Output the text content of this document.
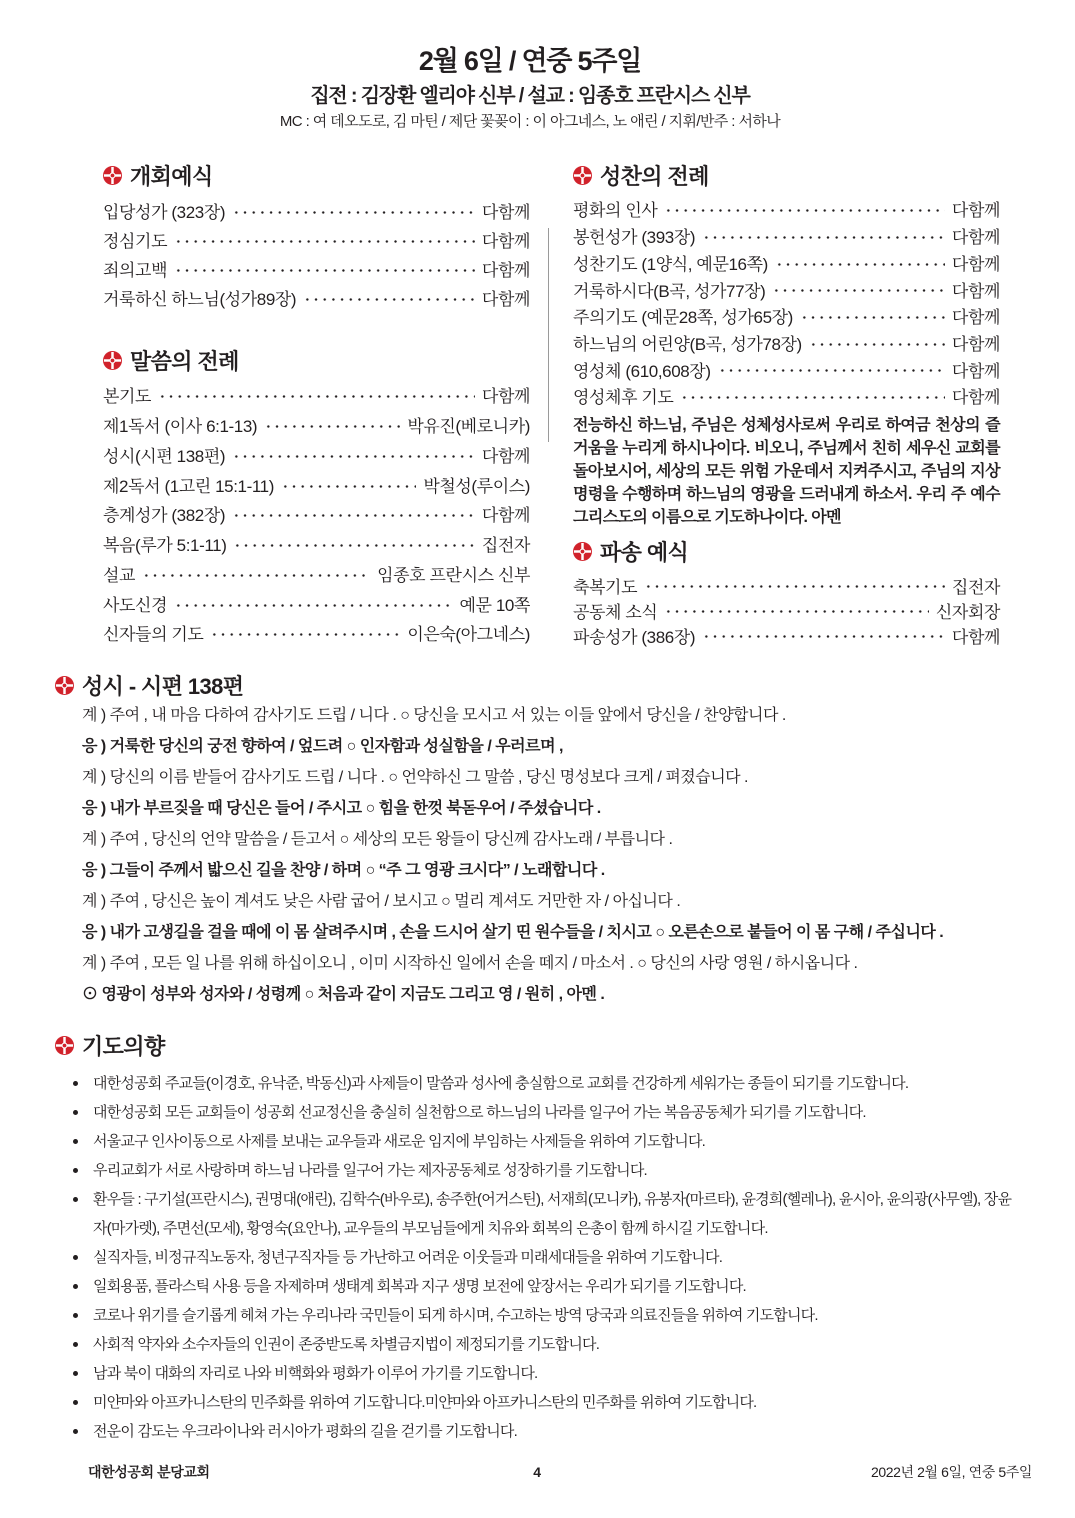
2월 6일 / 연중 5주일
집전 : 김장환 엘리야 신부 / 설교 : 임종호 프란시스 신부
MC : 여 데오도로, 김 마틴 / 제단 꽃꽂이 : 이 아그네스, 노 애린 / 지휘/반주 : 서하나
개회예식
입당성가 (323장)	다함께
정심기도	다함께
죄의고백	다함께
거룩하신 하느님(성가89장)	다함께
말씀의 전례
본기도	다함께
제1독서 (이사 6:1-13)	박유진(베로니카)
성시(시편 138편)	다함께
제2독서 (1고린 15:1-11)	박철성(루이스)
층계성가 (382장)	다함께
복음(루가 5:1-11)	집전자
설교	임종호 프란시스 신부
사도신경	예문 10쪽
신자들의 기도	이은숙(아그네스)
성찬의 전례
평화의 인사	다함께
봉헌성가 (393장)	다함께
성찬기도 (1양식, 예문16쪽)	다함께
거룩하시다(B곡, 성가77장)	다함께
주의기도 (예문28쪽, 성가65장)	다함께
하느님의 어린양(B곡, 성가78장)	다함께
영성체 (610,608장)	다함께
영성체후 기도	다함께
전능하신 하느님, 주님은 성체성사로써 우리로 하여금 천상의 즐거움을 누리게 하시나이다. 비오니, 주님께서 친히 세우신 교회를 돌아보시어, 세상의 모든 위험 가운데서 지켜주시고, 주님의 지상명령을 수행하며 하느님의 영광을 드러내게 하소서. 우리 주 예수 그리스도의 이름으로 기도하나이다. 아멘
파송 예식
축복기도	집전자
공동체 소식	신자회장
파송성가 (386장)	다함께
성시 - 시편 138편
계 ) 주여 , 내 마음 다하여 감사기도 드립 / 니다 . ○ 당신을 모시고 서 있는 이들 앞에서 당신을 / 찬양합니다 .
응 ) 거룩한 당신의 궁전 향하여 / 엎드려 ○ 인자함과 성실함을 / 우러르며 ,
계 ) 당신의 이름 받들어 감사기도 드립 / 니다 . ○ 언약하신 그 말씀 , 당신 명성보다 크게 / 펴졌습니다 .
응 ) 내가 부르짖을 때 당신은 들어 / 주시고 ○ 힘을 한껏 북돋우어 / 주셨습니다 .
계 ) 주여 , 당신의 언약 말씀을 / 듣고서 ○ 세상의 모든 왕들이 당신께 감사노래 / 부릅니다 .
응 ) 그들이 주께서 밟으신 길을 찬양 / 하며 ○ “주 그 영광 크시다” / 노래합니다 .
계 ) 주여 , 당신은 높이 계셔도 낮은 사람 굽어 / 보시고 ○ 멀리 계셔도 거만한 자 / 아십니다 .
응 ) 내가 고생길을 걸을 때에 이 몸 살려주시며 , 손을 드시어 살기 띤 원수들을 / 치시고 ○ 오른손으로 붙들어 이 몸 구해 / 주십니다 .
계 ) 주여 , 모든 일 나를 위해 하십이오니 , 이미 시작하신 일에서 손을 떼지 / 마소서 . ○ 당신의 사랑 영원 / 하시옵니다 .
⊙ 영광이 성부와 성자와 / 성령께 ○ 처음과 같이 지금도 그리고 영 / 원히 , 아멘 .
기도의향
대한성공회 주교들(이경호, 유낙준, 박동신)과 사제들이 말씀과 성사에 충실함으로 교회를 건강하게 세워가는 종들이 되기를 기도합니다.
대한성공회 모든 교회들이 성공회 선교정신을 충실히 실천함으로 하느님의 나라를 일구어 가는 복음공동체가 되기를 기도합니다.
서울교구 인사이동으로 사제를 보내는 교우들과 새로운 임지에 부임하는 사제들을 위하여 기도합니다.
우리교회가 서로 사랑하며 하느님 나라를 일구어 가는 제자공동체로 성장하기를 기도합니다.
환우들 : 구기설(프란시스), 권명대(애린), 김학수(바우로), 송주한(어거스틴), 서재희(모니카), 유봉자(마르타), 윤경희(헬레나), 윤시아, 윤의광(사무엘), 장윤자(마가렛), 주면선(모세), 황영숙(요안나), 교우들의 부모님들에게 치유와 회복의 은총이 함께 하시길 기도합니다.
실직자들, 비정규직노동자, 청년구직자들 등 가난하고 어려운 이웃들과 미래세대들을 위하여 기도합니다.
일회용품, 플라스틱 사용 등을 자제하며 생태계 회복과 지구 생명 보전에 앞장서는 우리가 되기를 기도합니다.
코로나 위기를 슬기롭게 헤쳐 가는 우리나라 국민들이 되게 하시며, 수고하는 방역 당국과 의료진들을 위하여 기도합니다.
사회적 약자와 소수자들의 인권이 존중받도록 차별금지법이 제정되기를 기도합니다.
남과 북이 대화의 자리로 나와 비핵화와 평화가 이루어 가기를 기도합니다.
미얀마와 아프카니스탄의 민주화를 위하여 기도합니다.미얀마와 아프카니스탄의 민주화를 위하여 기도합니다.
전운이 감도는 우크라이나와 러시아가 평화의 길을 걷기를 기도합니다.
대한성공회 분당교회	4	2022년 2월 6일, 연중 5주일
